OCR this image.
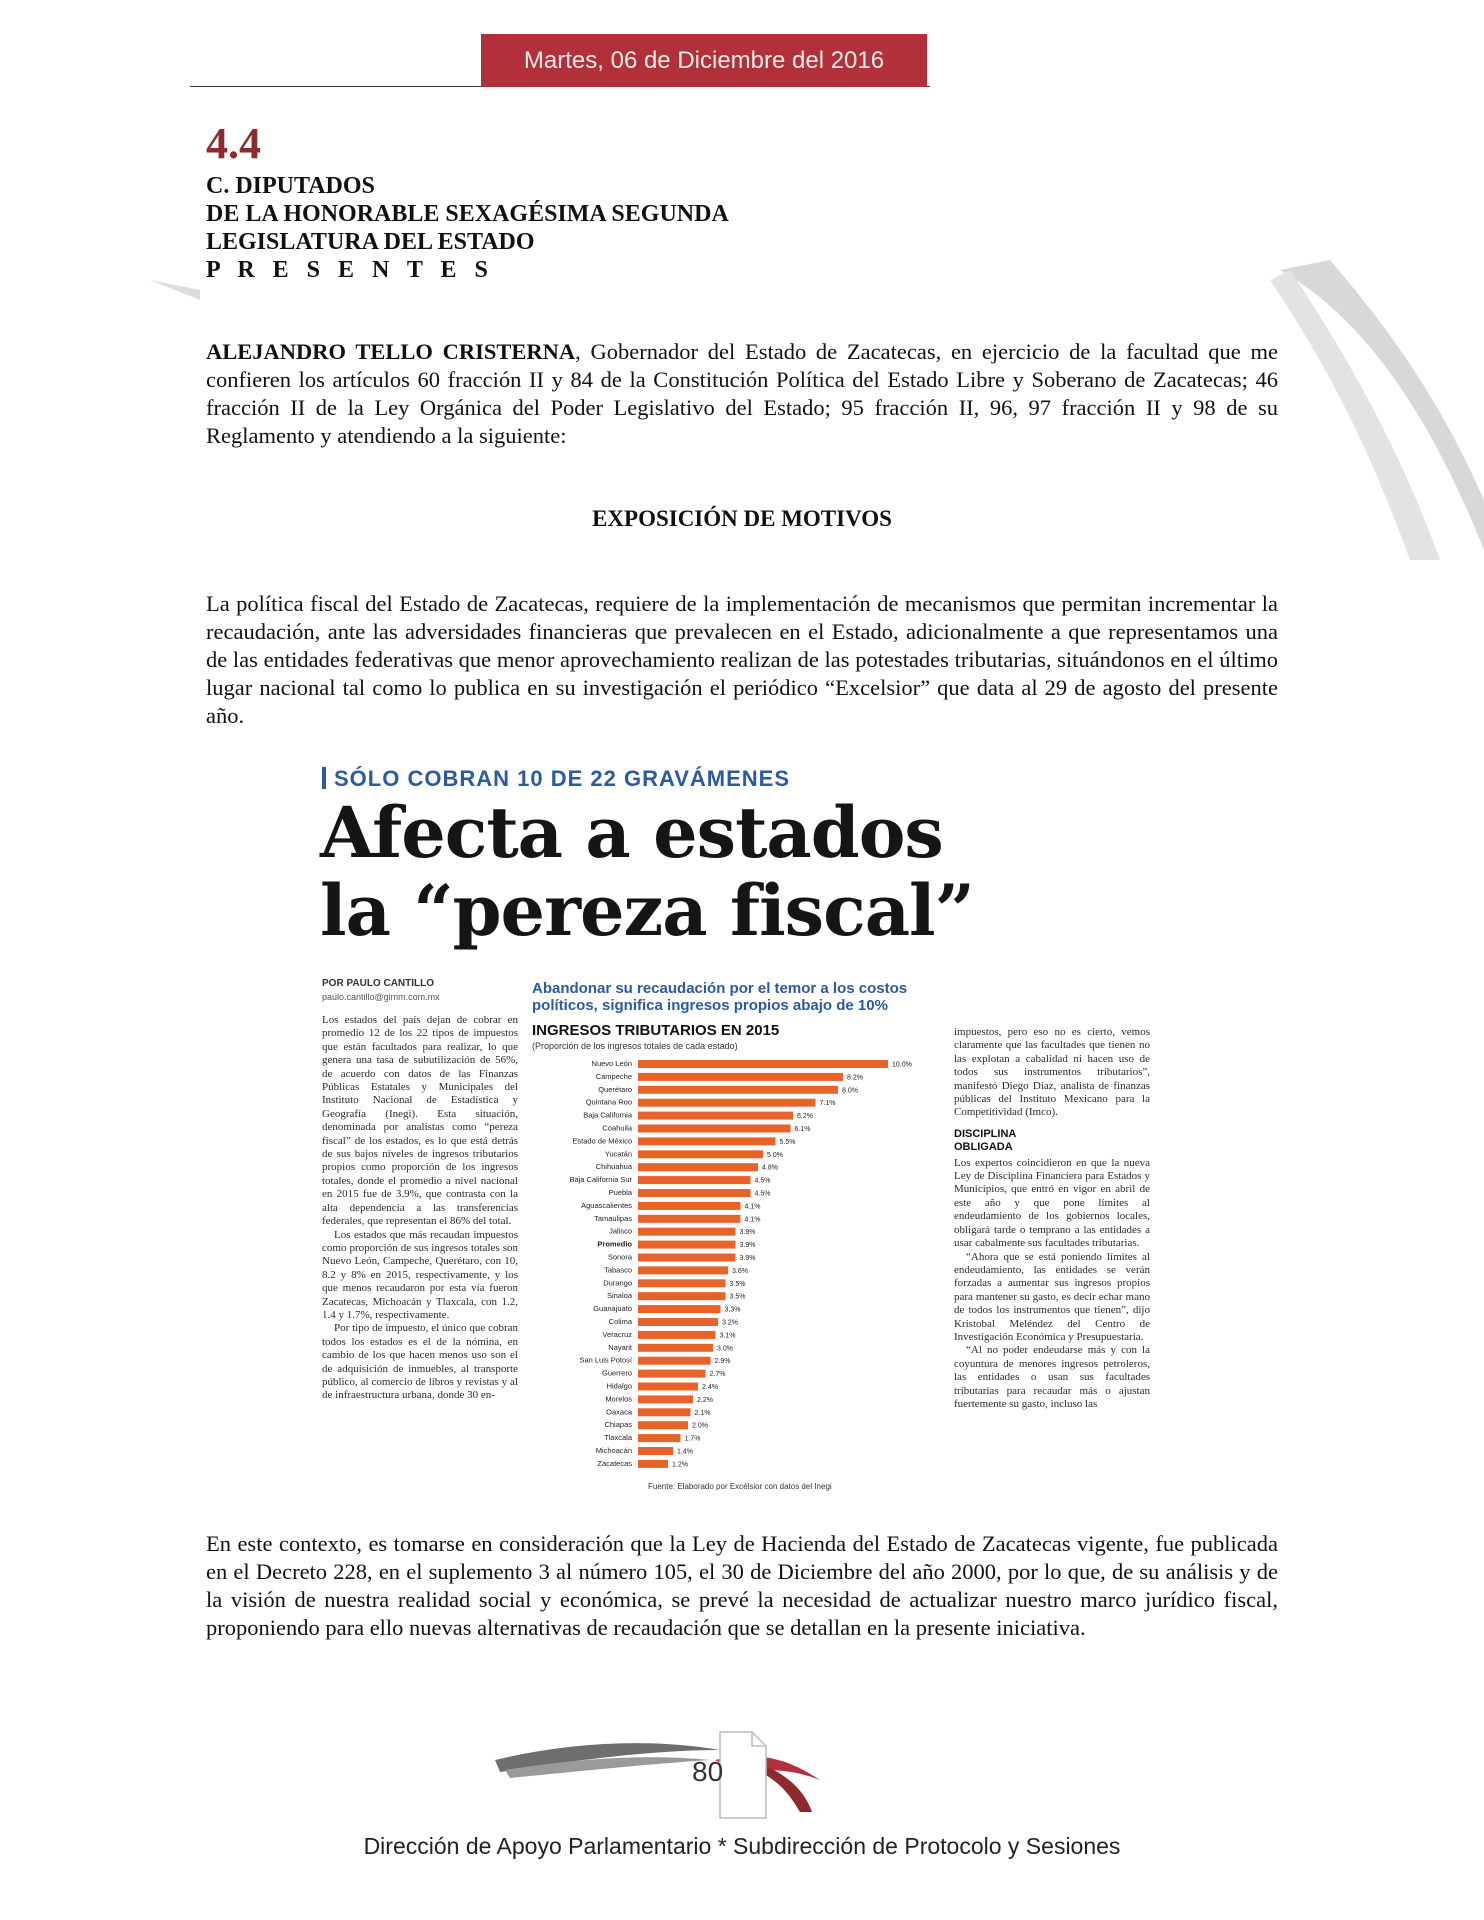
Martes, 06 de Diciembre del 2016
4.4
C. DIPUTADOS
DE LA HONORABLE SEXAGÉSIMA SEGUNDA
LEGISLATURA DEL ESTADO
P R E S E N T E S
ALEJANDRO TELLO CRISTERNA, Gobernador del Estado de Zacatecas, en ejercicio de la facultad que me confieren los artículos 60 fracción II y 84 de la Constitución Política del Estado Libre y Soberano de Zacatecas; 46 fracción II de la Ley Orgánica del Poder Legislativo del Estado; 95 fracción II, 96, 97 fracción II y 98 de su Reglamento y atendiendo a la siguiente:
EXPOSICIÓN DE MOTIVOS
La política fiscal del Estado de Zacatecas, requiere de la implementación de mecanismos que permitan incrementar la recaudación, ante las adversidades financieras que prevalecen en el Estado, adicionalmente a que representamos una de las entidades federativas que menor aprovechamiento realizan de las potestades tributarias, situándonos en el último lugar nacional tal como lo publica en su investigación el periódico “Excelsior” que data al 29 de agosto del presente año.
SÓLO COBRAN 10 DE 22 GRAVÁMENES
Afecta a estados
la “pereza fiscal”
POR PAULO CANTILLO
paulo.cantillo@gimm.com.mx
Los estados del país dejan de cobrar en promedio 12 de los 22 tipos de impuestos que están facultados para realizar, lo que genera una tasa de subutilización de 56%, de acuerdo con datos de las Finanzas Públicas Estatales y Municipales del Instituto Nacional de Estadística y Geografía (Inegi). Esta situación, denominada por analistas como “pereza fiscal” de los estados, es lo que está detrás de sus bajos niveles de ingresos tributarios propios como proporción de los ingresos totales, donde el promedio a nivel nacional en 2015 fue de 3.9%, que contrasta con la alta dependencia a las transferencias federales, que representan el 86% del total.
Los estados que más recaudan impuestos como proporción de sus ingresos totales son Nuevo León, Campeche, Querétaro, con 10, 8.2 y 8% en 2015, respectivamente, y los que menos recaudaron por esta vía fueron Zacatecas, Michoacán y Tlaxcala, con 1.2, 1.4 y 1.7%, respectivamente.
Por tipo de impuesto, el único que cobran todos los estados es el de la nómina, en cambio de los que hacen menos uso son el de adquisición de inmuebles, al transporte público, al comercio de libros y revistas y al de infraestructura urbana, donde 30 en-
Abandonar su recaudación por el temor a los costos políticos, significa ingresos propios abajo de 10%
INGRESOS TRIBUTARIOS EN 2015
(Proporción de los ingresos totales de cada estado)
Nuevo León	10.0%
Campeche	8.2%
Querétaro	8.0%
Quintana Roo	7.1%
Baja California	6.2%
Coahuila	6.1%
Estado de México	5.5%
Yucatán	5.0%
Chihuahua	4.8%
Baja California Sur	4.5%
Puebla	4.5%
Aguascalientes	4.1%
Tamaulipas	4.1%
Jalisco	3.9%
Promedio	3.9%
Sonora	3.9%
Tabasco	3.6%
Durango	3.5%
Sinaloa	3.5%
Guanajuato	3.3%
Colima	3.2%
Veracruz	3.1%
Nayarit	3.0%
San Luis Potosí	2.9%
Guerrero	2.7%
Hidalgo	2.4%
Morelos	2.2%
Oaxaca	2.1%
Chiapas	2.0%
Tlaxcala	1.7%
Michoacán	1.4%
Zacatecas	1.2%
Fuente: Elaborado por Excélsior con datos del Inegi
impuestos, pero eso no es cierto, vemos claramente que las facultades que tienen no las explotan a cabalidad ni hacen uso de todos sus instrumentos tributarios”, manifestó Diego Díaz, analista de finanzas públicas del Instituto Mexicano para la Competitividad (Imco).
DISCIPLINA
OBLIGADA
Los expertos coincidieron en que la nueva Ley de Disciplina Financiera para Estados y Municipios, que entró en vigor en abril de este año y que pone límites al endeudamiento de los gobiernos locales, obligará tarde o temprano a las entidades a usar cabalmente sus facultades tributarias.
“Ahora que se está poniendo límites al endeudamiento, las entidades se verán forzadas a aumentar sus ingresos propios para mantener su gasto, es decir echar mano de todos los instrumentos que tienen”, dijo Kristobal Meléndez del Centro de Investigación Económica y Presupuestaria.
“Al no poder endeudarse más y con la coyuntura de menores ingresos petroleros, las entidades o usan sus facultades tributarias para recaudar más o ajustan fuertemente su gasto, incluso las
En este contexto, es tomarse en consideración que la Ley de Hacienda del Estado de Zacatecas vigente, fue publicada en el Decreto 228, en el suplemento 3 al número 105, el 30 de Diciembre del año 2000, por lo que, de su análisis y de la visión de nuestra realidad social y económica, se prevé la necesidad de actualizar nuestro marco jurídico fiscal, proponiendo para ello nuevas alternativas de recaudación que se detallan en la presente iniciativa.
80
Dirección de Apoyo Parlamentario * Subdirección de Protocolo y Sesiones
